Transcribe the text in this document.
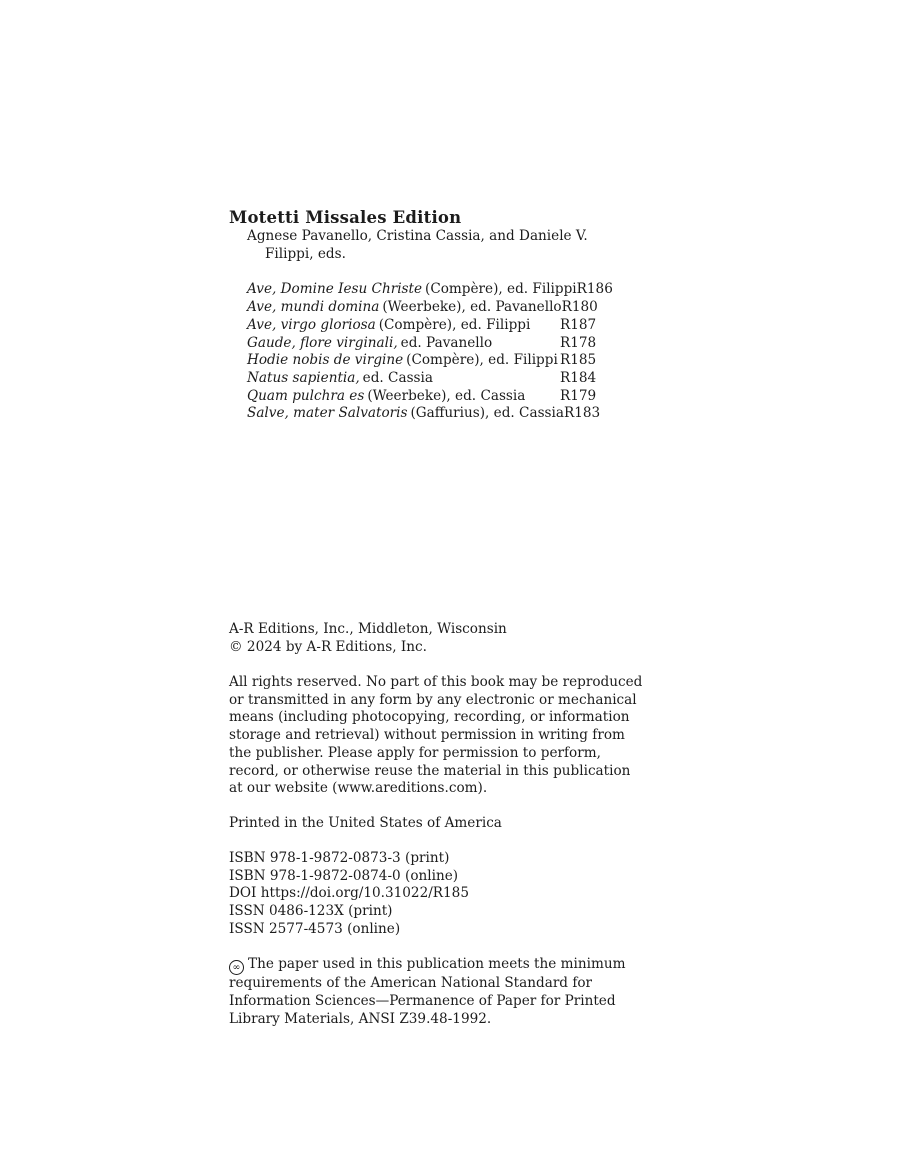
Motetti Missales Edition
Agnese Pavanello, Cristina Cassia, and Daniele V.
Filippi, eds.
Ave, Domine Iesu Christe (Compère), ed. Filippi R186
Ave, mundi domina (Weerbeke), ed. Pavanello R180
Ave, virgo gloriosa (Compère), ed. Filippi	R187
Gaude, flore virginali, ed. Pavanello	R178
Hodie nobis de virgine (Compère), ed. Filippi R185
Natus sapientia, ed. Cassia	R184
Quam pulchra es (Weerbeke), ed. Cassia	R179
Salve, mater Salvatoris (Gaffurius), ed. Cassia R183
A-R Editions, Inc., Middleton, Wisconsin
© 2024 by A-R Editions, Inc.
All rights reserved. No part of this book may be reproduced
or transmitted in any form by any electronic or mechanical
means (including photocopying, recording, or information
storage and retrieval) without permission in writing from
the publisher. Please apply for permission to perform,
record, or otherwise reuse the material in this publication
at our website (www.areditions.com).
Printed in the United States of America
ISBN 978-1-9872-0873-3 (print)
ISBN 978-1-9872-0874-0 (online)
DOI https://doi.org/10.31022/R185
ISSN 0486-123X (print)
ISSN 2577-4573 (online)
∞ The paper used in this publication meets the minimum
requirements of the American National Standard for
Information Sciences—Permanence of Paper for Printed
Library Materials, ANSI Z39.48-1992.
